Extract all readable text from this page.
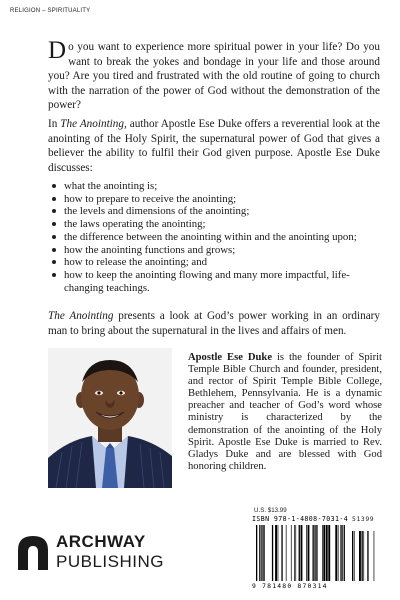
RELIGION – SPIRITUALITY

Do you want to experience more spiritual power in your life? Do you want to break the yokes and bondage in your life and those around you? Are you tired and frustrated with the old routine of going to church with the narration of the power of God without the demonstration of the power?

In The Anointing, author Apostle Ese Duke offers a reverential look at the anointing of the Holy Spirit, the supernatural power of God that gives a believer the ability to fulfil their God given purpose. Apostle Ese Duke discusses:

what the anointing is;
how to prepare to receive the anointing;
the levels and dimensions of the anointing;
the laws operating the anointing;
the difference between the anointing within and the anointing upon;
how the anointing functions and grows;
how to release the anointing; and
how to keep the anointing flowing and many more impactful, life-changing teachings.

The Anointing presents a look at God’s power working in an ordinary man to bring about the supernatural in the lives and affairs of men.

Apostle Ese Duke is the founder of Spirit Temple Bible Church and founder, president, and rector of Spirit Temple Bible College, Bethlehem, Pennsylvania. He is a dynamic preacher and teacher of God’s word whose ministry is characterized by the demonstration of the anointing of the Holy Spirit. Apostle Ese Duke is married to Rev. Gladys Duke and are blessed with God honoring children.

U.S. $13.99
ISBN 978-1-4808-7031-4
9 781480 870314
51399
ARCHWAY
PUBLISHING
